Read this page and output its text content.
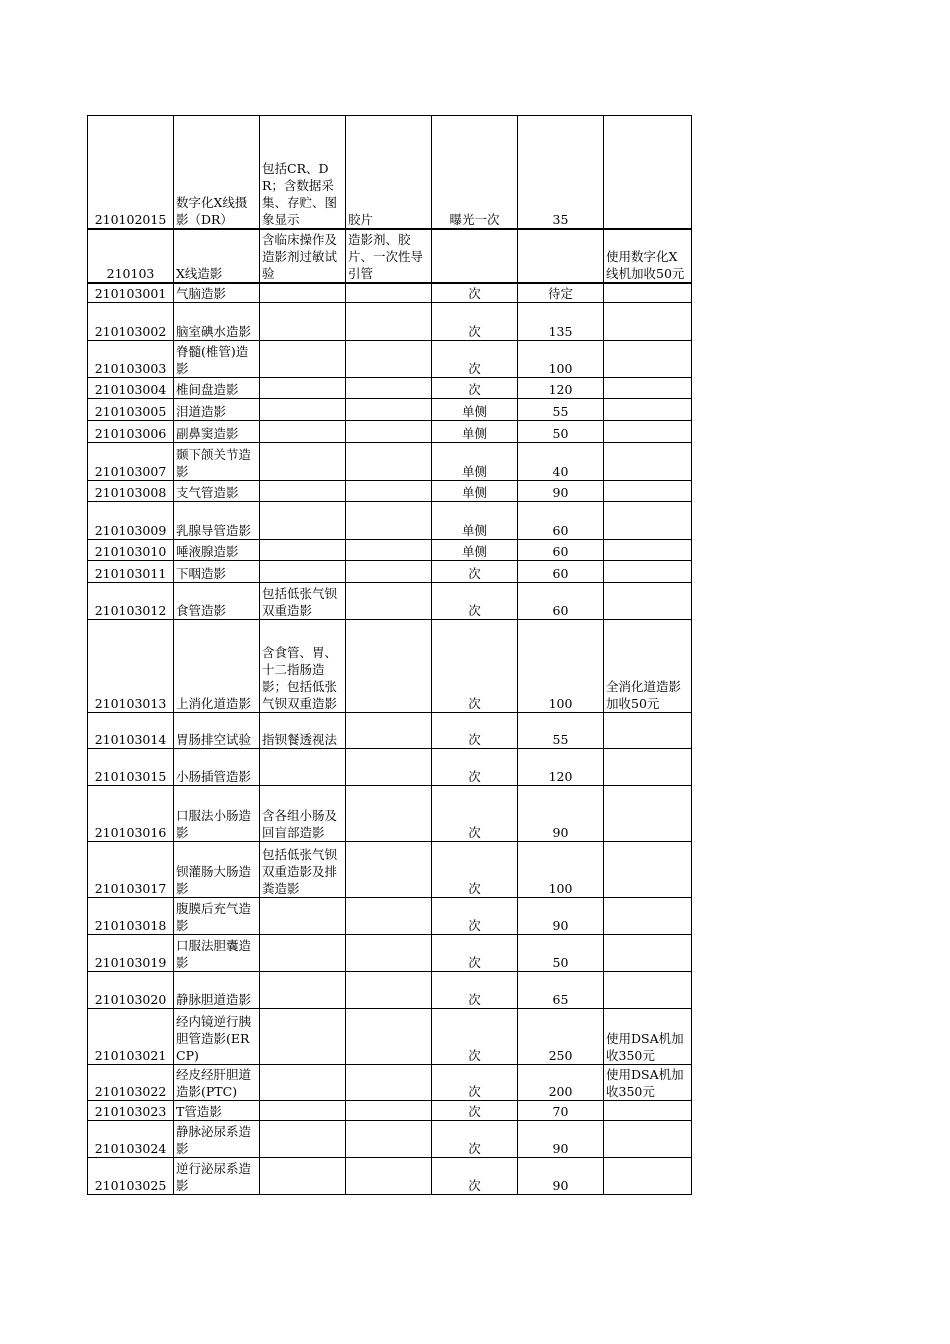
210102015	数字化X线摄影（DR）	包括CR、DR；含数据采集、存贮、图象显示	胶片	曝光一次	35	
210103	X线造影	含临床操作及造影剂过敏试验	造影剂、胶片、一次性导引管			使用数字化X线机加收50元
210103001	气脑造影			次	待定	
210103002	脑室碘水造影			次	135	
210103003	脊髓(椎管)造影			次	100	
210103004	椎间盘造影			次	120	
210103005	泪道造影			单侧	55	
210103006	副鼻窦造影			单侧	50	
210103007	颞下颌关节造影			单侧	40	
210103008	支气管造影			单侧	90	
210103009	乳腺导管造影			单侧	60	
210103010	唾液腺造影			单侧	60	
210103011	下咽造影			次	60	
210103012	食管造影	包括低张气钡双重造影		次	60	
210103013	上消化道造影	含食管、胃、十二指肠造影；包括低张气钡双重造影		次	100	全消化道造影加收50元
210103014	胃肠排空试验	指钡餐透视法		次	55	
210103015	小肠插管造影			次	120	
210103016	口服法小肠造影	含各组小肠及回盲部造影		次	90	
210103017	钡灌肠大肠造影	包括低张气钡双重造影及排粪造影		次	100	
210103018	腹膜后充气造影			次	90	
210103019	口服法胆囊造影			次	50	
210103020	静脉胆道造影			次	65	
210103021	经内镜逆行胰胆管造影(ERCP)			次	250	使用DSA机加收350元
210103022	经皮经肝胆道造影(PTC)			次	200	使用DSA机加收350元
210103023	T管造影			次	70	
210103024	静脉泌尿系造影			次	90	
210103025	逆行泌尿系造影			次	90	
